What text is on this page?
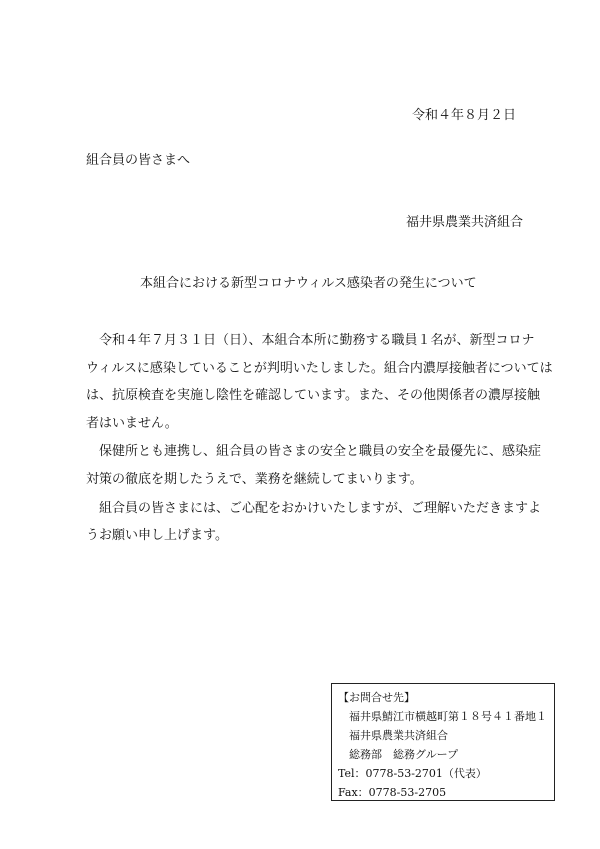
令和４年８月２日
組合員の皆さまへ
福井県農業共済組合
本組合における新型コロナウィルス感染者の発生について

令和４年７月３１日（日）、本組合本所に勤務する職員１名が、新型コロナ
ウィルスに感染していることが判明いたしました。組合内濃厚接触者については
は、抗原検査を実施し陰性を確認しています。また、その他関係者の濃厚接触
者はいません。

保健所とも連携し、組合員の皆さまの安全と職員の安全を最優先に、感染症
対策の徹底を期したうえで、業務を継続してまいります。

組合員の皆さまには、ご心配をおかけいたしますが、ご理解いただきますよ
うお願い申し上げます。

【お問合せ先】
福井県鯖江市横越町第１８号４１番地１
福井県農業共済組合
総務部　総務グループ
Tel：0778-53-2701（代表）
Fax：0778-53-2705
